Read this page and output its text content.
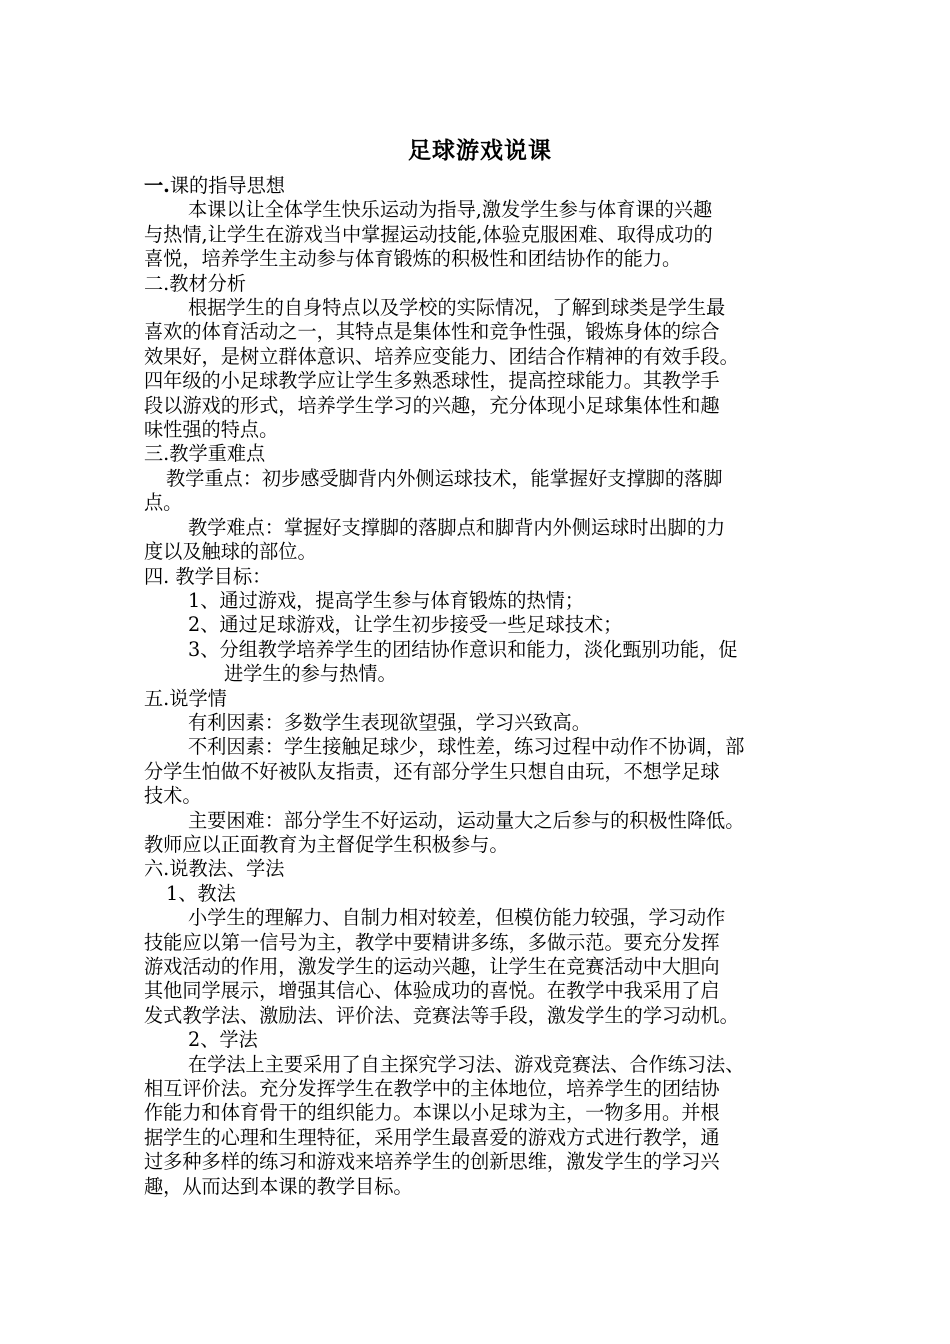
足球游戏说课
一.课的指导思想
本课以让全体学生快乐运动为指导,激发学生参与体育课的兴趣
与热情,让学生在游戏当中掌握运动技能,体验克服困难、取得成功的
喜悦，培养学生主动参与体育锻炼的积极性和团结协作的能力。
二.教材分析
根据学生的自身特点以及学校的实际情况，了解到球类是学生最
喜欢的体育活动之一，其特点是集体性和竞争性强，锻炼身体的综合
效果好，是树立群体意识、培养应变能力、团结合作精神的有效手段。
四年级的小足球教学应让学生多熟悉球性，提高控球能力。其教学手
段以游戏的形式，培养学生学习的兴趣，充分体现小足球集体性和趣
味性强的特点。
三.教学重难点
教学重点：初步感受脚背内外侧运球技术，能掌握好支撑脚的落脚
点。
教学难点：掌握好支撑脚的落脚点和脚背内外侧运球时出脚的力
度以及触球的部位。
四. 教学目标：
1、通过游戏，提高学生参与体育锻炼的热情；
2、通过足球游戏，让学生初步接受一些足球技术；
3、分组教学培养学生的团结协作意识和能力，淡化甄别功能，促
进学生的参与热情。
五.说学情
有利因素：多数学生表现欲望强，学习兴致高。
不利因素：学生接触足球少，球性差，练习过程中动作不协调，部
分学生怕做不好被队友指责，还有部分学生只想自由玩，不想学足球
技术。
主要困难：部分学生不好运动，运动量大之后参与的积极性降低。
教师应以正面教育为主督促学生积极参与。
六.说教法、学法
1、教法
小学生的理解力、自制力相对较差，但模仿能力较强，学习动作
技能应以第一信号为主，教学中要精讲多练，多做示范。要充分发挥
游戏活动的作用，激发学生的运动兴趣，让学生在竞赛活动中大胆向
其他同学展示，增强其信心、体验成功的喜悦。在教学中我采用了启
发式教学法、激励法、评价法、竞赛法等手段，激发学生的学习动机。
2、学法
在学法上主要采用了自主探究学习法、游戏竞赛法、合作练习法、
相互评价法。充分发挥学生在教学中的主体地位，培养学生的团结协
作能力和体育骨干的组织能力。本课以小足球为主，一物多用。并根
据学生的心理和生理特征，采用学生最喜爱的游戏方式进行教学，通
过多种多样的练习和游戏来培养学生的创新思维，激发学生的学习兴
趣，从而达到本课的教学目标。
